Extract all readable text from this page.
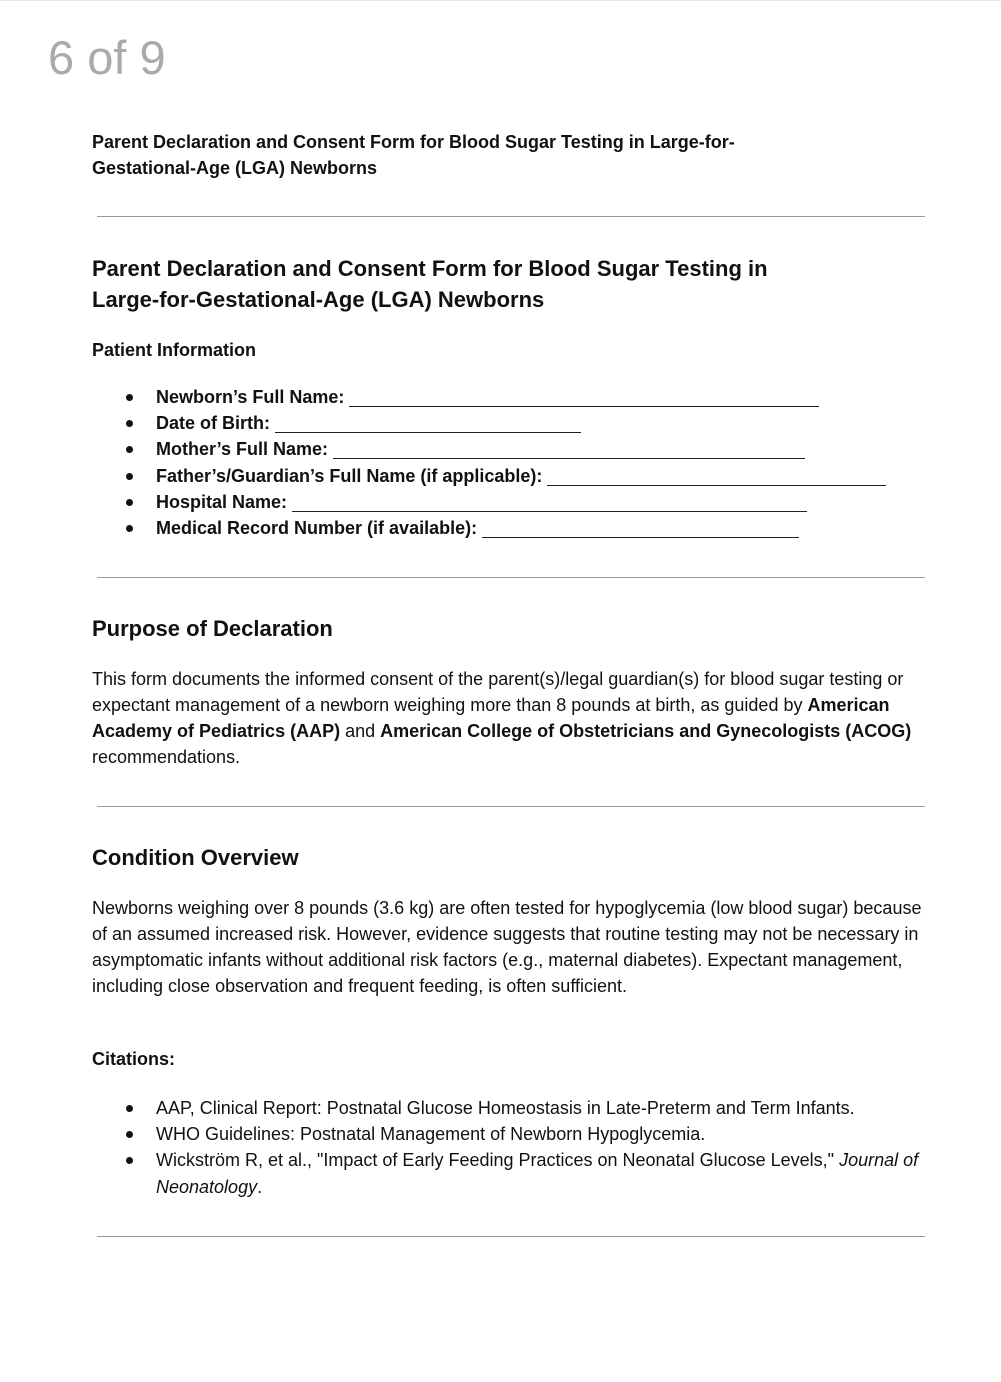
6 of 9
Parent Declaration and Consent Form for Blood Sugar Testing in Large-for-Gestational-Age (LGA) Newborns
Parent Declaration and Consent Form for Blood Sugar Testing in Large-for-Gestational-Age (LGA) Newborns
Patient Information
Newborn’s Full Name:
Date of Birth:
Mother’s Full Name:
Father’s/Guardian’s Full Name (if applicable):
Hospital Name:
Medical Record Number (if available):
Purpose of Declaration
This form documents the informed consent of the parent(s)/legal guardian(s) for blood sugar testing or expectant management of a newborn weighing more than 8 pounds at birth, as guided by American Academy of Pediatrics (AAP) and American College of Obstetricians and Gynecologists (ACOG) recommendations.
Condition Overview
Newborns weighing over 8 pounds (3.6 kg) are often tested for hypoglycemia (low blood sugar) because of an assumed increased risk. However, evidence suggests that routine testing may not be necessary in asymptomatic infants without additional risk factors (e.g., maternal diabetes). Expectant management, including close observation and frequent feeding, is often sufficient.
Citations:
AAP, Clinical Report: Postnatal Glucose Homeostasis in Late-Preterm and Term Infants.
WHO Guidelines: Postnatal Management of Newborn Hypoglycemia.
Wickström R, et al., "Impact of Early Feeding Practices on Neonatal Glucose Levels," Journal of Neonatology.
